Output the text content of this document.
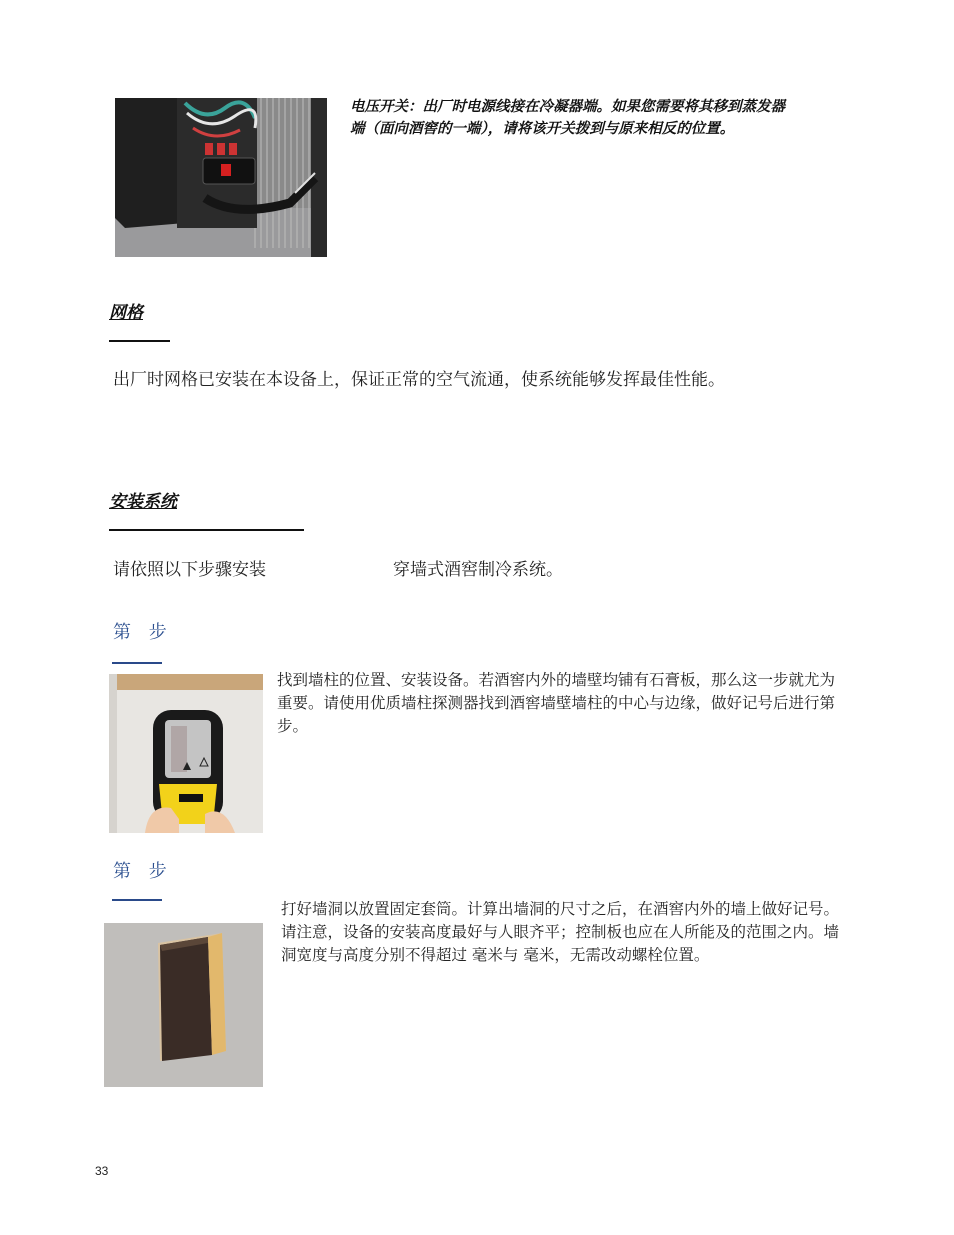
电压开关：出厂时电源线接在冷凝器端。如果您需要将其移到蒸发器端（面向酒窖的一端），请将该开关拨到与原来相反的位置。
网格
出厂时网格已安装在本设备上，保证正常的空气流通，使系统能够发挥最佳性能。
安装系统
请依照以下步骤安装	穿墙式酒窖制冷系统。
第 步
找到墙柱的位置、安装设备。若酒窖内外的墙壁均铺有石膏板，那么这一步就尤为重要。请使用优质墙柱探测器找到酒窖墙壁墙柱的中心与边缘，做好记号后进行第 步。
第 步
打好墙洞以放置固定套筒。计算出墙洞的尺寸之后，在酒窖内外的墙上做好记号。请注意，设备的安装高度最好与人眼齐平；控制板也应在人所能及的范围之内。墙洞宽度与高度分别不得超过 毫米与 毫米，无需改动螺栓位置。
33
